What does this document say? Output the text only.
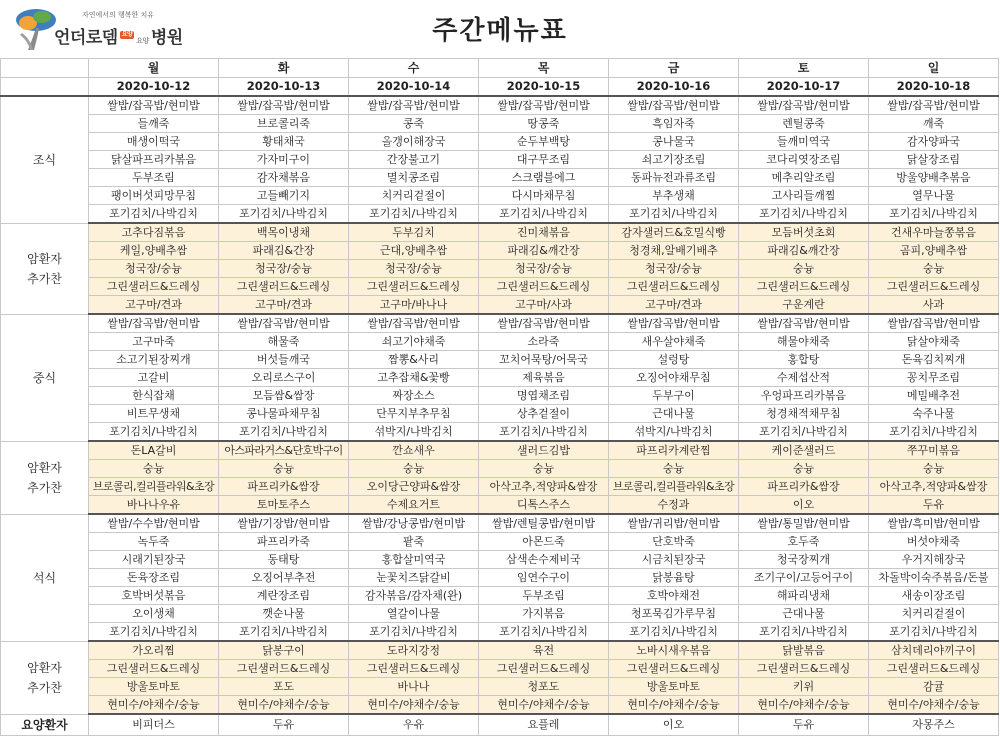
자연에서의 행복한 치유
언더로뎀 요양요양 병원	주간메뉴표
	월	화	수	목	금	토	일
	2020-10-12	2020-10-13	2020-10-14	2020-10-15	2020-10-16	2020-10-17	2020-10-18

조식	쌀밥/잡곡밥/현미밥	쌀밥/잡곡밥/현미밥	쌀밥/잡곡밥/현미밥	쌀밥/잡곡밥/현미밥	쌀밥/잡곡밥/현미밥	쌀밥/잡곡밥/현미밥	쌀밥/잡곡밥/현미밥
	들깨죽	브로콜리죽	콩죽	땅콩죽	흑임자죽	렌틸콩죽	깨죽
	매생이떡국	황태채국	올갱이해장국	순두부백탕	콩나물국	들깨미역국	감자양파국
	닭살파프리카볶음	가자미구이	간장불고기	대구무조림	쇠고기장조림	코다리엿장조림	닭살장조림
	두부조림	감자채볶음	멸치콩조림	스크램블에그	동파뉴전과류조림	메추리알조림	방울양배추볶음
	팽이버섯피망무침	고들빼기지	치커리겉절이	다시마채무침	부추생채	고사리들깨찜	열무나물
	포기김치/나박김치	포기김치/나박김치	포기김치/나박김치	포기김치/나박김치	포기김치/나박김치	포기김치/나박김치	포기김치/나박김치

암환자
추가찬	고추다짐볶음	백목이냉채	두부김치	진미채볶음	감자샐러드&호밀식빵	모듬버섯초회	건새우마늘쫑볶음
	케일,양배추쌈	파래김&간장	근대,양배추쌈	파래김&깨간장	청경채,알배기배추	파래김&깨간장	곰피,양배추쌈
	청국장/숭늉	청국장/숭늉	청국장/숭늉	청국장/숭늉	청국장/숭늉	숭늉	숭늉
	그린샐러드&드레싱	그린샐러드&드레싱	그린샐러드&드레싱	그린샐러드&드레싱	그린샐러드&드레싱	그린샐러드&드레싱	그린샐러드&드레싱
	고구마/견과	고구마/견과	고구마/바나나	고구마/사과	고구마/견과	구운계란	사과

중식	쌀밥/잡곡밥/현미밥	쌀밥/잡곡밥/현미밥	쌀밥/잡곡밥/현미밥	쌀밥/잡곡밥/현미밥	쌀밥/잡곡밥/현미밥	쌀밥/잡곡밥/현미밥	쌀밥/잡곡밥/현미밥
	고구마죽	해물죽	쇠고기야채죽	소라죽	새우살야채죽	해물야채죽	닭살야채죽
	소고기된장찌개	버섯들깨국	짬뽕&사리	꼬치어묵탕/어묵국	설렁탕	홍합탕	돈육김치찌개
	고갈비	오리로스구이	고추잡채&꽃빵	제육볶음	오징어야채무침	수제섭산적	꽁치무조림
	한식잡채	모듬쌈&쌈장	짜장소스	명엽채조림	두부구이	우엉파프리카볶음	메밀배추전
	비트무생채	콩나물파채무침	단무지부추무침	상추겉절이	근대나물	청경채적채무침	숙주나물
	포기김치/나박김치	포기김치/나박김치	섞박지/나박김치	포기김치/나박김치	섞박지/나박김치	포기김치/나박김치	포기김치/나박김치

암환자
추가찬	돈LA갈비	아스파라거스&단호박구이	깐쇼새우	샐러드김밥	파프리카계란찜	케이준샐러드	쭈꾸미볶음
	숭늉	숭늉	숭늉	숭늉	숭늉	숭늉	숭늉
	브로콜리,컬리플라워&초장	파프리카&쌈장	오이당근양파&쌈장	아삭고추,적양파&쌈장	브로콜리,컬리플라워&초장	파프리카&쌈장	아삭고추,적양파&쌈장
	바나나우유	토마토주스	수제요거트	디톡스주스	수정과	이오	두유

석식	쌀밥/수수밥/현미밥	쌀밥/기장밥/현미밥	쌀밥/강낭콩밥/현미밥	쌀밥/렌틸콩밥/현미밥	쌀밥/귀리밥/현미밥	쌀밥/통밀밥/현미밥	쌀밥/흑미밥/현미밥
	녹두죽	파프리카죽	팥죽	아몬드죽	단호박죽	호두죽	버섯야채죽
	시래기된장국	동태탕	홍합살미역국	삼색손수제비국	시금치된장국	청국장찌개	우거지해장국
	돈육장조림	오징어부추전	눈꽃치즈닭갈비	임연수구이	닭봉윰탕	조기구이/고등어구이	차돌박이숙주볶음/돈불
	호박버섯볶음	계란장조림	감자볶음/감자채(완)	두부조림	호박야채전	해파리냉채	새송이장조림
	오이생채	깻순나물	열갈이나물	가지볶음	청포묵김가루무침	근대나물	치커리겉절이
	포기김치/나박김치	포기김치/나박김치	포기김치/나박김치	포기김치/나박김치	포기김치/나박김치	포기김치/나박김치	포기김치/나박김치

암환자
추가찬	가오리찜	닭봉구이	도라지강정	육전	노바시새우볶음	닭발볶음	삼치데리야끼구이
	그린샐러드&드레싱	그린샐러드&드레싱	그린샐러드&드레싱	그린샐러드&드레싱	그린샐러드&드레싱	그린샐러드&드레싱	그린샐러드&드레싱
	방울토마토	포도	바나나	청포도	방울토마토	키위	감귤
	현미수/야채수/숭늉	현미수/야채수/숭늉	현미수/야채수/숭늉	현미수/야채수/숭늉	현미수/야채수/숭늉	현미수/야채수/숭늉	현미수/야채수/숭늉
요양환자	비피더스	두유	우유	요플레	이오	두유	자몽주스
